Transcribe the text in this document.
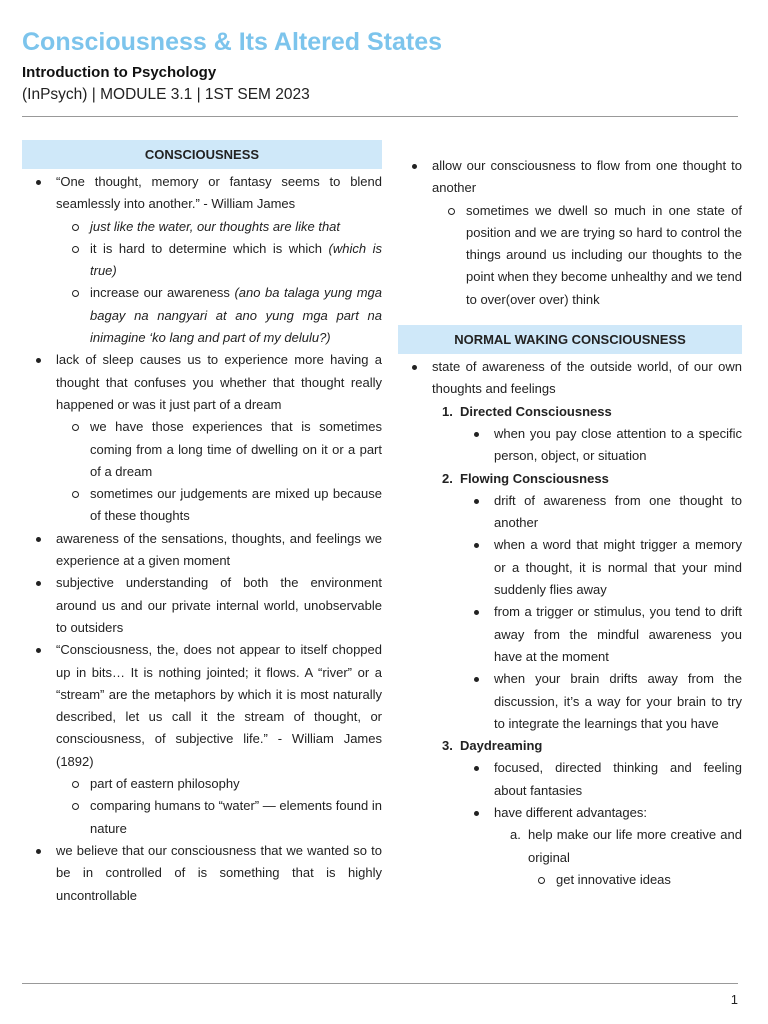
Consciousness & Its Altered States
Introduction to Psychology
(InPsych) | MODULE 3.1 | 1ST SEM 2023
CONSCIOUSNESS
“One thought, memory or fantasy seems to blend seamlessly into another.” - William James
just like the water, our thoughts are like that
it is hard to determine which is which (which is true)
increase our awareness (ano ba talaga yung mga bagay na nangyari at ano yung mga part na inimagine ‘ko lang and part of my delulu?)
lack of sleep causes us to experience more having a thought that confuses you whether that thought really happened or was it just part of a dream
we have those experiences that is sometimes coming from a long time of dwelling on it or a part of a dream
sometimes our judgements are mixed up because of these thoughts
awareness of the sensations, thoughts, and feelings we experience at a given moment
subjective understanding of both the environment around us and our private internal world, unobservable to outsiders
“Consciousness, the, does not appear to itself chopped up in bits… It is nothing jointed; it flows. A “river” or a “stream” are the metaphors by which it is most naturally described, let us call it the stream of thought, or consciousness, of subjective life.” - William James (1892)
part of eastern philosophy
comparing humans to “water” — elements found in nature
we believe that our consciousness that we wanted so to be in controlled of is something that is highly uncontrollable
allow our consciousness to flow from one thought to another
sometimes we dwell so much in one state of position and we are trying so hard to control the things around us including our thoughts to the point when they become unhealthy and we tend to over(over over) think
NORMAL WAKING CONSCIOUSNESS
state of awareness of the outside world, of our own thoughts and feelings
1. Directed Consciousness
when you pay close attention to a specific person, object, or situation
2. Flowing Consciousness
drift of awareness from one thought to another
when a word that might trigger a memory or a thought, it is normal that your mind suddenly flies away
from a trigger or stimulus, you tend to drift away from the mindful awareness you have at the moment
when your brain drifts away from the discussion, it’s a way for your brain to try to integrate the learnings that you have
3. Daydreaming
focused, directed thinking and feeling about fantasies
have different advantages:
a. help make our life more creative and original
get innovative ideas
1
